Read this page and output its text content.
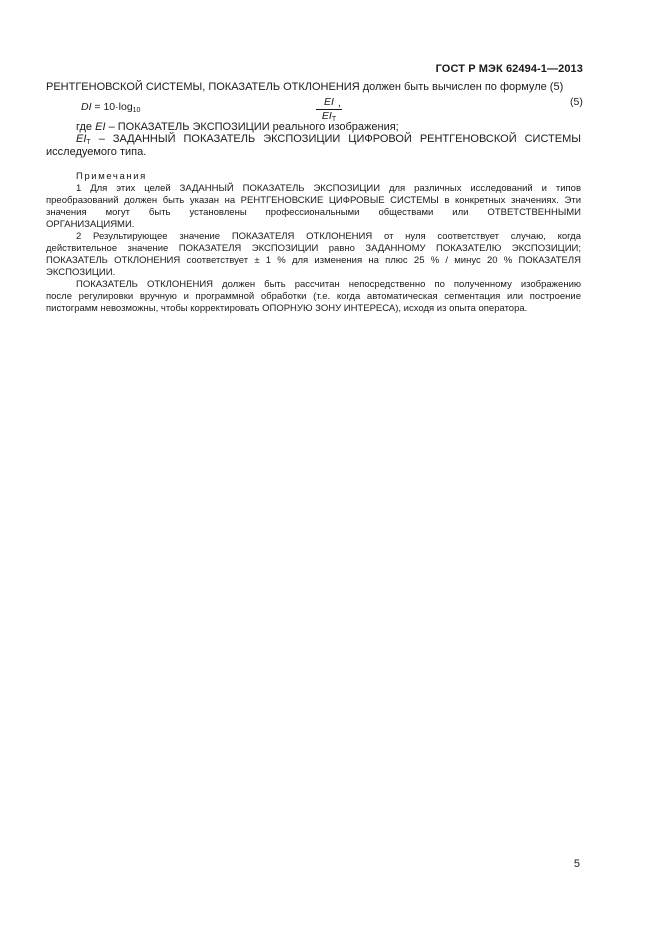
ГОСТ Р МЭК 62494-1—2013
РЕНТГЕНОВСКОЙ СИСТЕМЫ, ПОКАЗАТЕЛЬ ОТКЛОНЕНИЯ должен быть вычислен по формуле (5)
DI = $10\cdot\log_{10}$
EI
$EI_T$
,	(5)
где EI – ПОКАЗАТЕЛЬ ЭКСПОЗИЦИИ реального изображения;
$EI_T$ – ЗАДАННЫЙ ПОКАЗАТЕЛЬ ЭКСПОЗИЦИИ ЦИФРОВОЙ РЕНТГЕНОВСКОЙ СИСТЕМЫ
исследуемого типа.
Примечания
1 Для этих целей ЗАДАННЫЙ ПОКАЗАТЕЛЬ ЭКСПОЗИЦИИ для различных исследований и типов
преобразований должен быть указан на РЕНТГЕНОВСКИЕ ЦИФРОВЫЕ СИСТЕМЫ в конкретных значениях. Эти
значения могут быть установлены профессиональными обществами или ОТВЕТСТВЕННЫМИ
ОРГАНИЗАЦИЯМИ.
2 Результирующее значение ПОКАЗАТЕЛЯ ОТКЛОНЕНИЯ от нуля соответствует случаю, когда
действительное значение ПОКАЗАТЕЛЯ ЭКСПОЗИЦИИ равно ЗАДАННОМУ ПОКАЗАТЕЛЮ ЭКСПОЗИЦИИ;
ПОКАЗАТЕЛЬ ОТКЛОНЕНИЯ соответствует ± 1 % для изменения на плюс 25 % / минус 20 % ПОКАЗАТЕЛЯ
ЭКСПОЗИЦИИ.
ПОКАЗАТЕЛЬ ОТКЛОНЕНИЯ должен быть рассчитан непосредственно по полученному изображению
после регулировки вручную и программной обработки (т.е. когда автоматическая сегментация или построение
пистограмм невозможны, чтобы корректировать ОПОРНУЮ ЗОНУ ИНТЕРЕСА), исходя из опыта оператора.
5
